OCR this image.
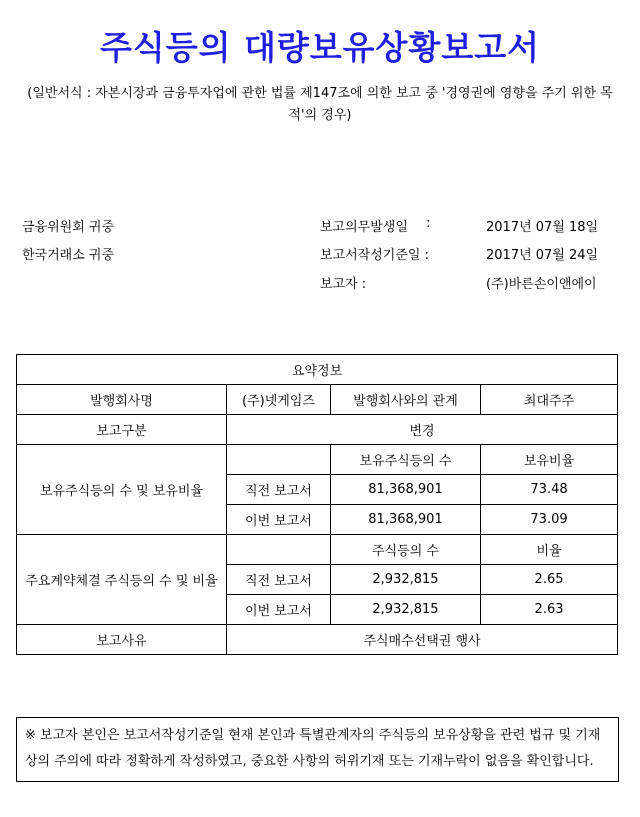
주식등의 대량보유상황보고서
(일반서식 : 자본시장과 금융투자업에 관한 법률 제147조에 의한 보고 중 '경영권에 영향을 주기 위한 목적'의 경우)
금융위원회 귀중
한국거래소 귀중
보고의무발생일 :	2017년 07월 18일
보고서작성기준일 :	2017년 07월 24일
보고자 :	(주)바른손이앤에이
요약정보			
발행회사명	(주)넷게임즈	발행회사와의 관계	최대주주
보고구분	변경		
보유주식등의 수 및 보유비율		보유주식등의 수	보유비율
	직전 보고서	81,368,901	73.48
	이번 보고서	81,368,901	73.09
주요계약체결 주식등의 수 및 비율		주식등의 수	비율
	직전 보고서	2,932,815	2.65
	이번 보고서	2,932,815	2.63
보고사유	주식매수선택권 행사		
※ 보고자 본인은 보고서작성기준일 현재 본인과 특별관계자의 주식등의 보유상황을 관련 법규 및 기재상의 주의에 따라 정확하게 작성하였고, 중요한 사항의 허위기재 또는 기재누락이 없음을 확인합니다.
